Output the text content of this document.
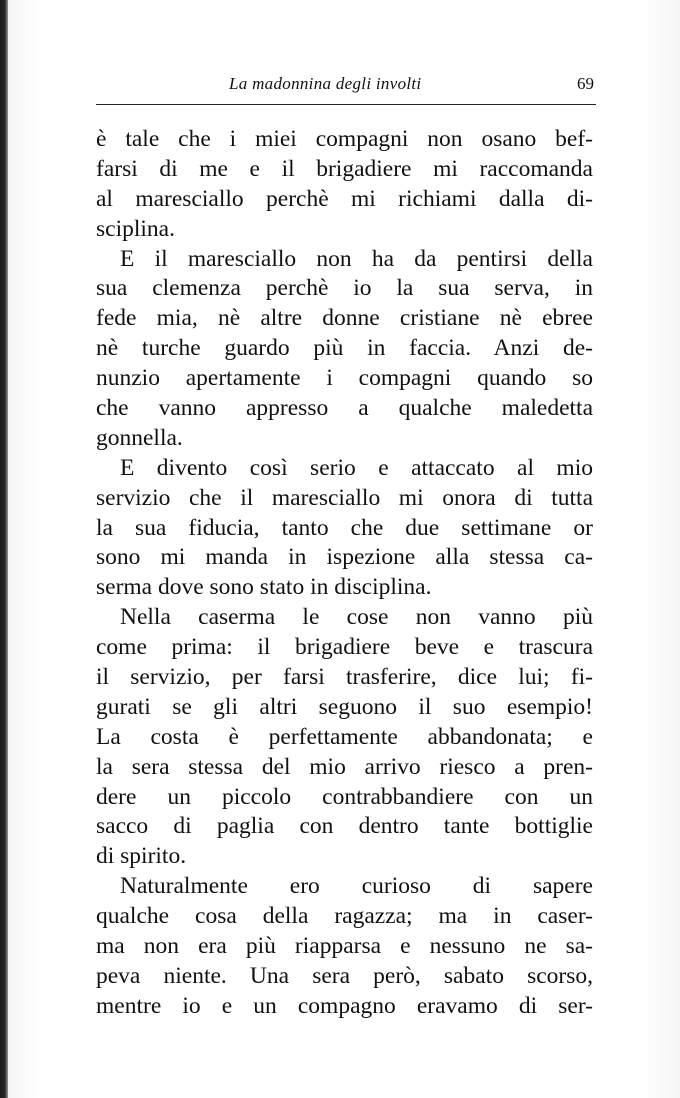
La madonnina degli involti	69
è tale che i miei compagni non osano bef-
farsi di me e il brigadiere mi raccomanda
al maresciallo perchè mi richiami dalla di-
sciplina.
E il maresciallo non ha da pentirsi della
sua clemenza perchè io la sua serva, in
fede mia, nè altre donne cristiane nè ebree
nè turche guardo più in faccia. Anzi de-
nunzio apertamente i compagni quando so
che vanno appresso a qualche maledetta
gonnella.
E divento così serio e attaccato al mio
servizio che il maresciallo mi onora di tutta
la sua fiducia, tanto che due settimane or
sono mi manda in ispezione alla stessa ca-
serma dove sono stato in disciplina.
Nella caserma le cose non vanno più
come prima: il brigadiere beve e trascura
il servizio, per farsi trasferire, dice lui; fi-
gurati se gli altri seguono il suo esempio!
La costa è perfettamente abbandonata; e
la sera stessa del mio arrivo riesco a pren-
dere un piccolo contrabbandiere con un
sacco di paglia con dentro tante bottiglie
di spirito.
Naturalmente ero curioso di sapere
qualche cosa della ragazza; ma in caser-
ma non era più riapparsa e nessuno ne sa-
peva niente. Una sera però, sabato scorso,
mentre io e un compagno eravamo di ser-
